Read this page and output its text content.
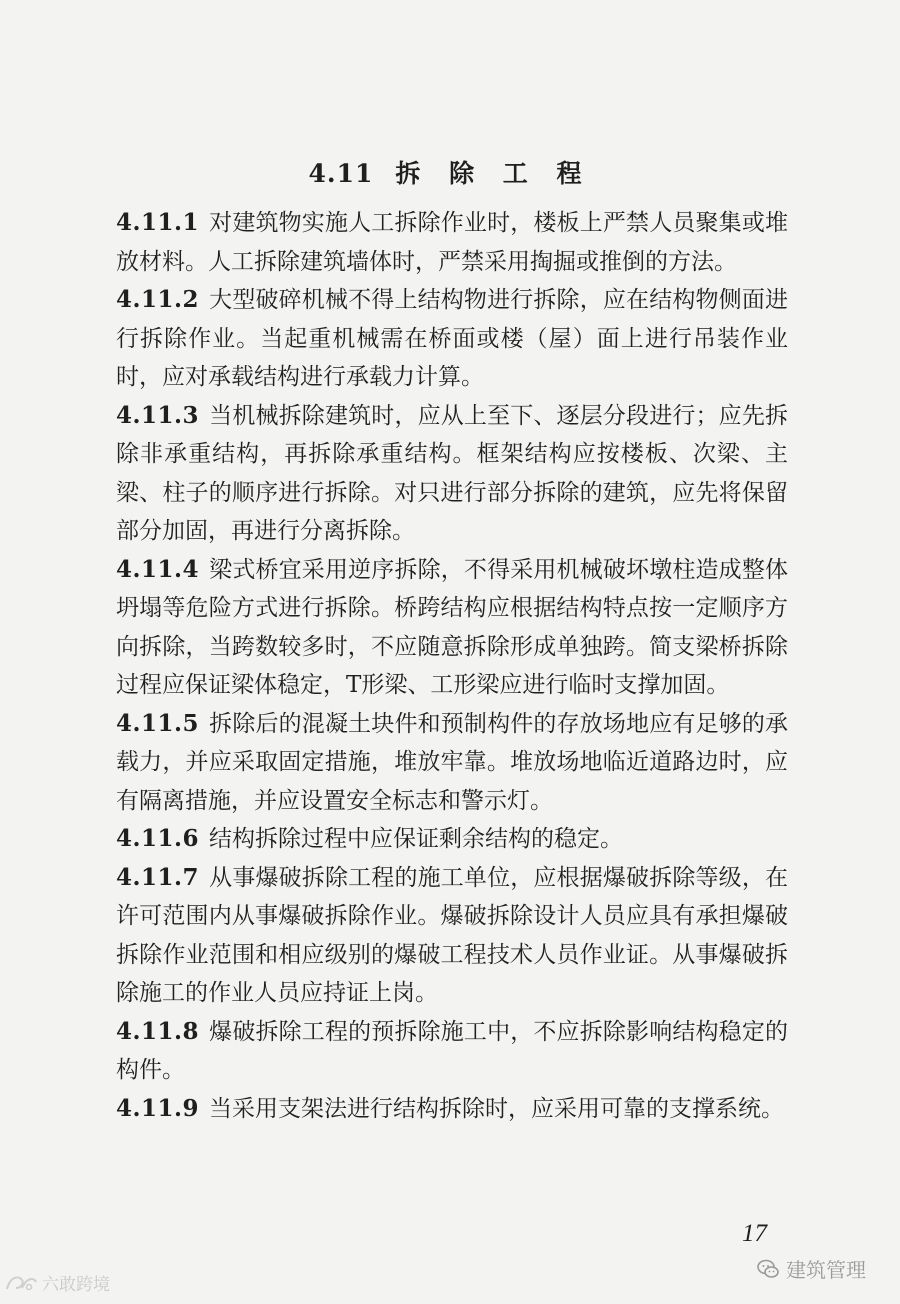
4.11 拆 除 工 程

4.11.1 对建筑物实施人工拆除作业时，楼板上严禁人员聚集或堆放材料。人工拆除建筑墙体时，严禁采用掏掘或推倒的方法。

4.11.2 大型破碎机械不得上结构物进行拆除，应在结构物侧面进行拆除作业。当起重机械需在桥面或楼（屋）面上进行吊装作业时，应对承载结构进行承载力计算。

4.11.3 当机械拆除建筑时，应从上至下、逐层分段进行；应先拆除非承重结构，再拆除承重结构。框架结构应按楼板、次梁、主梁、柱子的顺序进行拆除。对只进行部分拆除的建筑，应先将保留部分加固，再进行分离拆除。

4.11.4 梁式桥宜采用逆序拆除，不得采用机械破坏墩柱造成整体坍塌等危险方式进行拆除。桥跨结构应根据结构特点按一定顺序方向拆除，当跨数较多时，不应随意拆除形成单独跨。简支梁桥拆除过程应保证梁体稳定，T形梁、工形梁应进行临时支撑加固。

4.11.5 拆除后的混凝土块件和预制构件的存放场地应有足够的承载力，并应采取固定措施，堆放牢靠。堆放场地临近道路边时，应有隔离措施，并应设置安全标志和警示灯。

4.11.6 结构拆除过程中应保证剩余结构的稳定。

4.11.7 从事爆破拆除工程的施工单位，应根据爆破拆除等级，在许可范围内从事爆破拆除作业。爆破拆除设计人员应具有承担爆破拆除作业范围和相应级别的爆破工程技术人员作业证。从事爆破拆除施工的作业人员应持证上岗。

4.11.8 爆破拆除工程的预拆除施工中，不应拆除影响结构稳定的构件。

4.11.9 当采用支架法进行结构拆除时，应采用可靠的支撑系统。

17
建筑管理
六敢跨境
